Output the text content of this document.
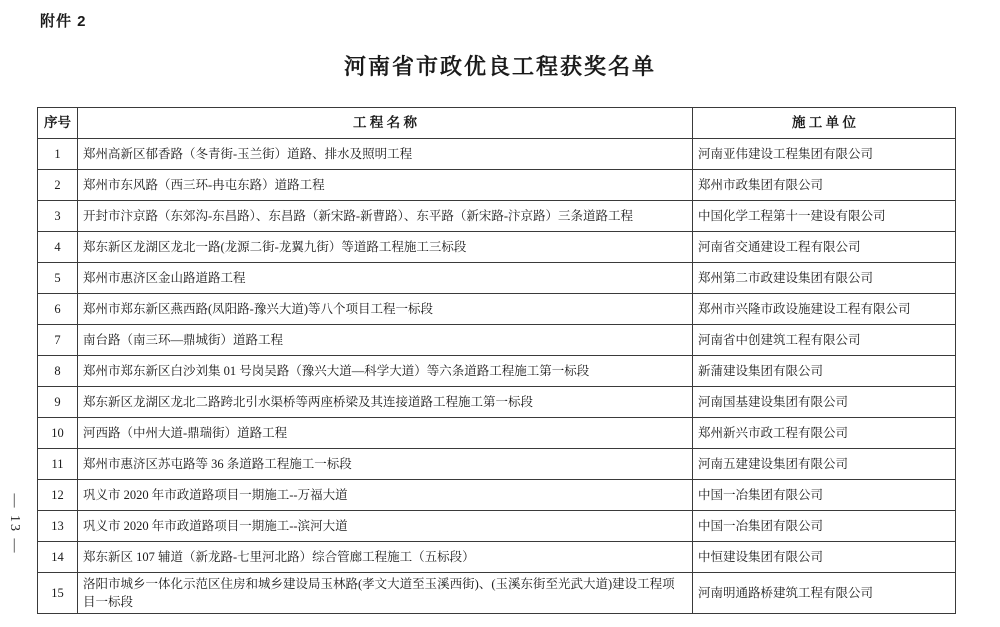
附件 2
河南省市政优良工程获奖名单
— 13 —
序号	工 程 名 称	施 工 单 位
1	郑州高新区郁香路（冬青街-玉兰街）道路、排水及照明工程	河南亚伟建设工程集团有限公司
2	郑州市东风路（西三环-冉屯东路）道路工程	郑州市政集团有限公司
3	开封市汴京路（东郊沟-东昌路）、东昌路（新宋路-新曹路）、东平路（新宋路-汴京路）三条道路工程	中国化学工程第十一建设有限公司
4	郑东新区龙湖区龙北一路(龙源二街-龙翼九街）等道路工程施工三标段	河南省交通建设工程有限公司
5	郑州市惠济区金山路道路工程	郑州第二市政建设集团有限公司
6	郑州市郑东新区燕西路(凤阳路-豫兴大道)等八个项目工程一标段	郑州市兴隆市政设施建设工程有限公司
7	南台路（南三环—鼎城街）道路工程	河南省中创建筑工程有限公司
8	郑州市郑东新区白沙刘集 01 号岗吴路（豫兴大道—科学大道）等六条道路工程施工第一标段	新蒲建设集团有限公司
9	郑东新区龙湖区龙北二路跨北引水渠桥等两座桥梁及其连接道路工程施工第一标段	河南国基建设集团有限公司
10	河西路（中州大道-鼎瑞街）道路工程	郑州新兴市政工程有限公司
11	郑州市惠济区苏屯路等 36 条道路工程施工一标段	河南五建建设集团有限公司
12	巩义市 2020 年市政道路项目一期施工--万福大道	中国一冶集团有限公司
13	巩义市 2020 年市政道路项目一期施工--滨河大道	中国一冶集团有限公司
14	郑东新区 107 辅道（新龙路-七里河北路）综合管廊工程施工（五标段）	中恒建设集团有限公司
15	洛阳市城乡一体化示范区住房和城乡建设局玉林路(孝文大道至玉溪西街)、(玉溪东街至光武大道)建设工程项目一标段	河南明通路桥建筑工程有限公司
